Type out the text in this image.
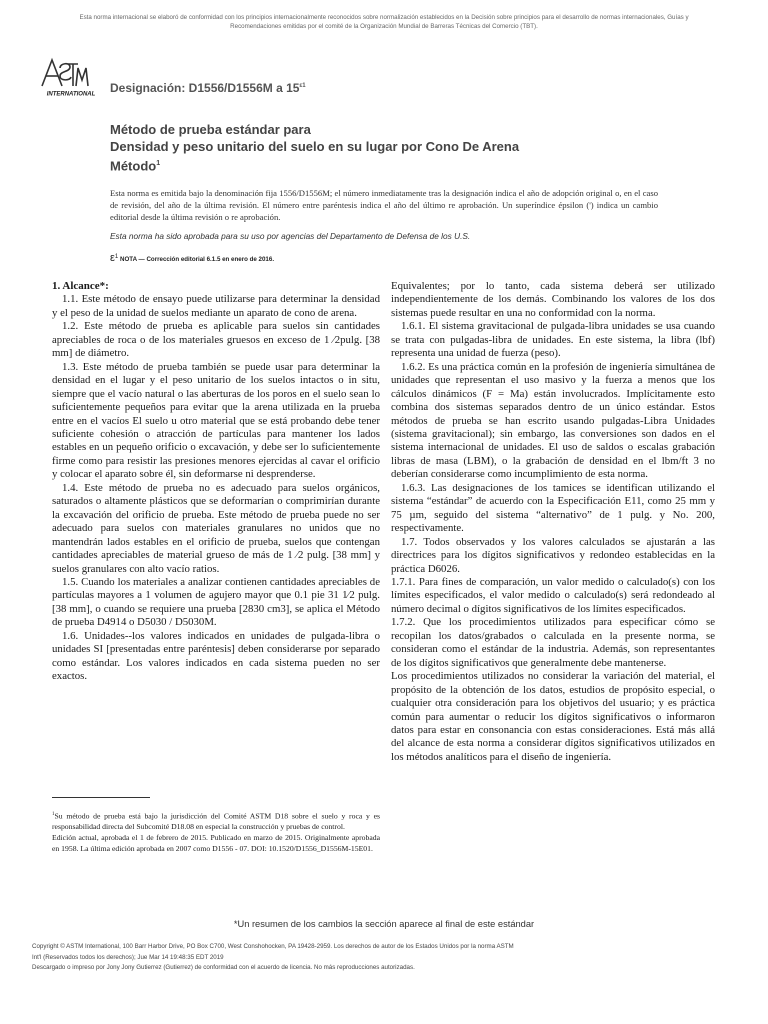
Esta norma internacional se elaboró de conformidad con los principios internacionalmente reconocidos sobre normalización establecidos en la Decisión sobre principios para el desarrollo de normas internacionales, Guías y Recomendaciones emitidas por el comité de la Organización Mundial de Barreras Técnicas del Comercio (TBT).
INTERNATIONAL Designación: D1556/D1556M a $15^{\varepsilon 1}$
Método de prueba estándar para
Densidad y peso unitario del suelo en su lugar por Cono De Arena
Método$^1$
Esta norma es emitida bajo la denominación fija 1556/D1556M; el número inmediatamente tras la designación indica el año de adopción original o, en el caso de revisión, del año de la última revisión. El número entre paréntesis indica el año del último re aprobación. Un superíndice épsilon (') indica un cambio editorial desde la última revisión o re aprobación.
Esta norma ha sido aprobada para su uso por agencias del Departamento de Defensa de los U.S.
$\varepsilon^1$ NOTA — Corrección editorial 6.1.5 en enero de 2016.

1. Alcance*:

1.1. Este método de ensayo puede utilizarse para determinar la densidad y el peso de la unidad de suelos mediante un aparato de cono de arena.

1.2. Este método de prueba es aplicable para suelos sin cantidades apreciables de roca o de los materiales gruesos en exceso de 1 ⁄2pulg. [38 mm] de diámetro.

1.3. Este método de prueba también se puede usar para determinar la densidad en el lugar y el peso unitario de los suelos intactos o in situ, siempre que el vacío natural o las aberturas de los poros en el suelo sean lo suficientemente pequeños para evitar que la arena utilizada en la prueba entre en el vacíos El suelo u otro material que se está probando debe tener suficiente cohesión o atracción de partículas para mantener los lados estables en un pequeño orificio o excavación, y debe ser lo suficientemente firme como para resistir las presiones menores ejercidas al cavar el orificio y colocar el aparato sobre él, sin deformarse ni desprenderse.

1.4. Este método de prueba no es adecuado para suelos orgánicos, saturados o altamente plásticos que se deformarían o comprimirían durante la excavación del orificio de prueba. Este método de prueba puede no ser adecuado para suelos con materiales granulares no unidos que no mantendrán lados estables en el orificio de prueba, suelos que contengan cantidades apreciables de material grueso de más de 1 ⁄2 pulg. [38 mm] y suelos granulares con alto vacío ratios.

1.5. Cuando los materiales a analizar contienen cantidades apreciables de partículas mayores a 1 volumen de agujero mayor que 0.1 pie 31 1⁄2 pulg. [38 mm], o cuando se requiere una prueba [2830 cm3], se aplica el Método de prueba D4914 o D5030 / D5030M.

1.6. Unidades--los valores indicados en unidades de pulgada-libra o unidades SI [presentadas entre paréntesis] deben considerarse por separado como estándar. Los valores indicados en cada sistema pueden no ser exactos.

Equivalentes; por lo tanto, cada sistema deberá ser utilizado independientemente de los demás. Combinando los valores de los dos sistemas puede resultar en una no conformidad con la norma.

1.6.1. El sistema gravitacional de pulgada-libra unidades se usa cuando se trata con pulgadas-libra de unidades. En este sistema, la libra (lbf) representa una unidad de fuerza (peso).

1.6.2. Es una práctica común en la profesión de ingeniería simultánea de unidades que representan el uso masivo y la fuerza a menos que los cálculos dinámicos (F = Ma) están involucrados. Implícitamente esto combina dos sistemas separados dentro de un único estándar. Estos métodos de prueba se han escrito usando pulgadas-Libra Unidades (sistema gravitacional); sin embargo, las conversiones son dados en el sistema internacional de unidades. El uso de saldos o escalas grabación libras de masa (LBM), o la grabación de densidad en el lbm/ft 3 no deberían considerarse como incumplimiento de esta norma.

1.6.3. Las designaciones de los tamices se identifican utilizando el sistema “estándar” de acuerdo con la Especificación E11, como 25 mm y 75 µm, seguido del sistema “alternativo” de 1 pulg. y No. 200, respectivamente.

1.7. Todos observados y los valores calculados se ajustarán a las directrices para los dígitos significativos y redondeo establecidas en la práctica D6026.

1.7.1. Para fines de comparación, un valor medido o calculado(s) con los límites especificados, el valor medido o calculado(s) será redondeado al número decimal o dígitos significativos de los límites especificados.

1.7.2. Que los procedimientos utilizados para especificar cómo se recopilan los datos/grabados o calculada en la presente norma, se consideran como el estándar de la industria. Además, son representantes de los dígitos significativos que generalmente debe mantenerse.

Los procedimientos utilizados no considerar la variación del material, el propósito de la obtención de los datos, estudios de propósito especial, o cualquier otra consideración para los objetivos del usuario; y es práctica común para aumentar o reducir los dígitos significativos o informaron datos para estar en consonancia con estas consideraciones. Está más allá del alcance de esta norma a considerar dígitos significativos utilizados en los métodos analíticos para el diseño de ingeniería.

$^1$Su método de prueba está bajo la jurisdicción del Comité ASTM D18 sobre el suelo y roca y es responsabilidad directa del Subcomité D18.08 en especial la construcción y pruebas de control.

Edición actual, aprobada el 1 de febrero de 2015. Publicado en marzo de 2015. Originalmente aprobada en 1958. La última edición aprobada en 2007 como D1556 - 07. DOI: 10.1520/D1556_D1556M-15E01.

*Un resumen de los cambios la sección aparece al final de este estándar
Copyright © ASTM International, 100 Barr Harbor Drive, PO Box C700, West Conshohocken, PA 19428-2959. Los derechos de autor de los Estados Unidos por la norma ASTM
Int'l (Reservados todos los derechos); Jue Mar 14 19:48:35 EDT 2019
Descargado o impreso por Jony Jony Gutierrez (Gutierrez) de conformidad con el acuerdo de licencia. No más reproducciones autorizadas.
